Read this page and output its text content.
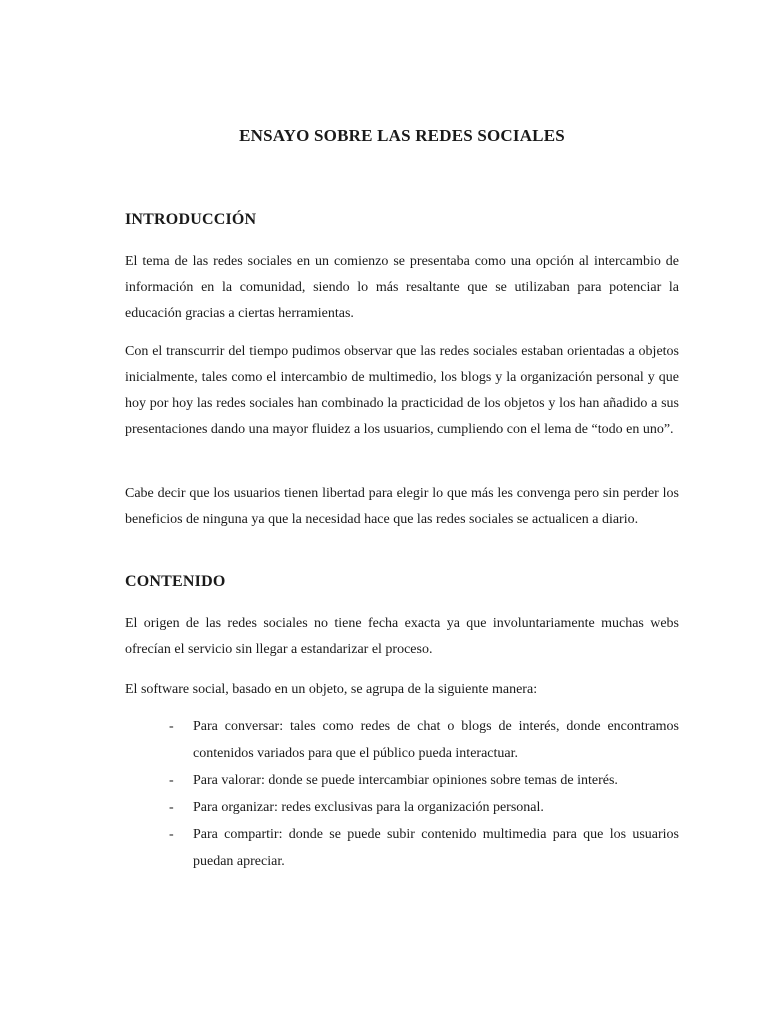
ENSAYO SOBRE LAS REDES SOCIALES
INTRODUCCIÓN

El tema de las redes sociales en un comienzo se presentaba como una opción al intercambio de información en la comunidad, siendo lo más resaltante que se utilizaban para potenciar la educación gracias a ciertas herramientas.

Con el transcurrir del tiempo pudimos observar que las redes sociales estaban orientadas a objetos inicialmente, tales como el intercambio de multimedio, los blogs y la organización personal y que hoy por hoy las redes sociales han combinado la practicidad de los objetos y los han añadido a sus presentaciones dando una mayor fluidez a los usuarios, cumpliendo con el lema de “todo en uno”.

Cabe decir que los usuarios tienen libertad para elegir lo que más les convenga pero sin perder los beneficios de ninguna ya que la necesidad hace que las redes sociales se actualicen a diario.

CONTENIDO

El origen de las redes sociales no tiene fecha exacta ya que involuntariamente muchas webs ofrecían el servicio sin llegar a estandarizar el proceso.

El software social, basado en un objeto, se agrupa de la siguiente manera:

- Para conversar: tales como redes de chat o blogs de interés, donde encontramos contenidos variados para que el público pueda interactuar.
- Para valorar: donde se puede intercambiar opiniones sobre temas de interés.
- Para organizar: redes exclusivas para la organización personal.
- Para compartir: donde se puede subir contenido multimedia para que los usuarios puedan apreciar.
